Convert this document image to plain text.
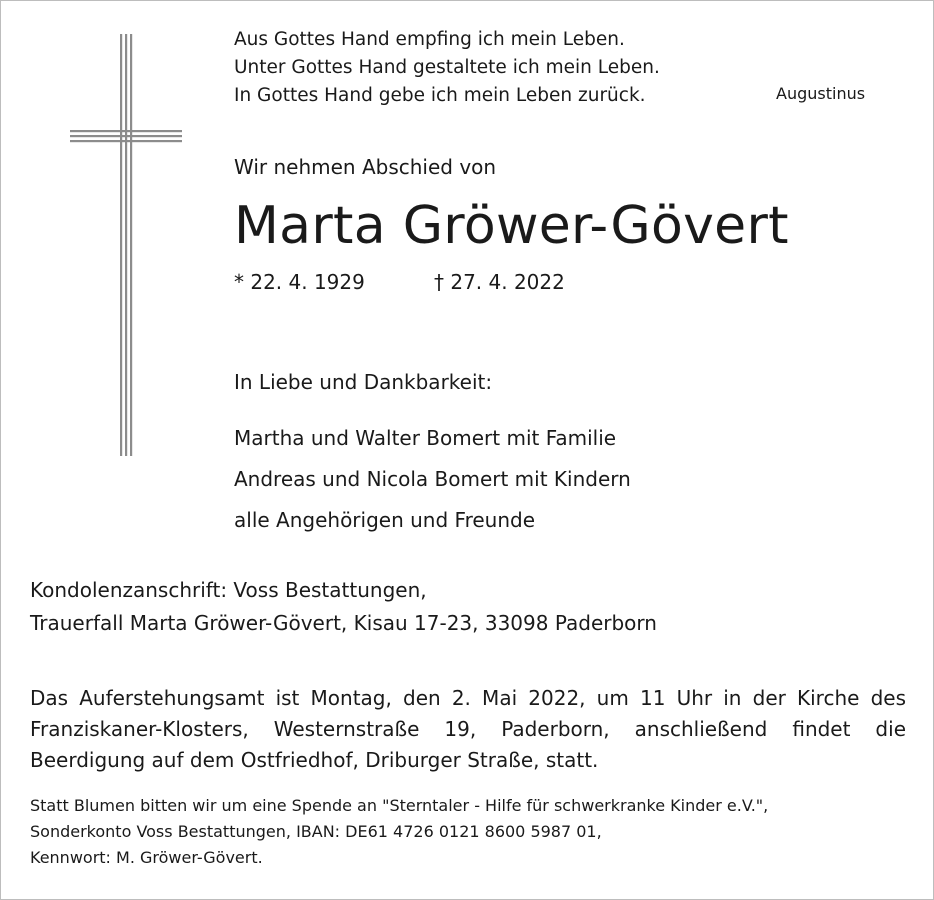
Aus Gottes Hand empfing ich mein Leben.
Unter Gottes Hand gestaltete ich mein Leben.
In Gottes Hand gebe ich mein Leben zurück.	Augustinus
Wir nehmen Abschied von
Marta Gröwer-Gövert
* 22. 4. 1929	† 27. 4. 2022
In Liebe und Dankbarkeit:
Martha und Walter Bomert mit Familie
Andreas und Nicola Bomert mit Kindern
alle Angehörigen und Freunde
Kondolenzanschrift: Voss Bestattungen,
Trauerfall Marta Gröwer-Gövert, Kisau 17-23, 33098 Paderborn
Das Auferstehungsamt ist Montag, den 2. Mai 2022, um 11 Uhr in der Kirche des
Franziskaner-Klosters, Westernstraße 19, Paderborn, anschließend findet die
Beerdigung auf dem Ostfriedhof, Driburger Straße, statt.
Statt Blumen bitten wir um eine Spende an "Sterntaler - Hilfe für schwerkranke Kinder e.V.",
Sonderkonto Voss Bestattungen, IBAN: DE61 4726 0121 8600 5987 01,
Kennwort: M. Gröwer-Gövert.
